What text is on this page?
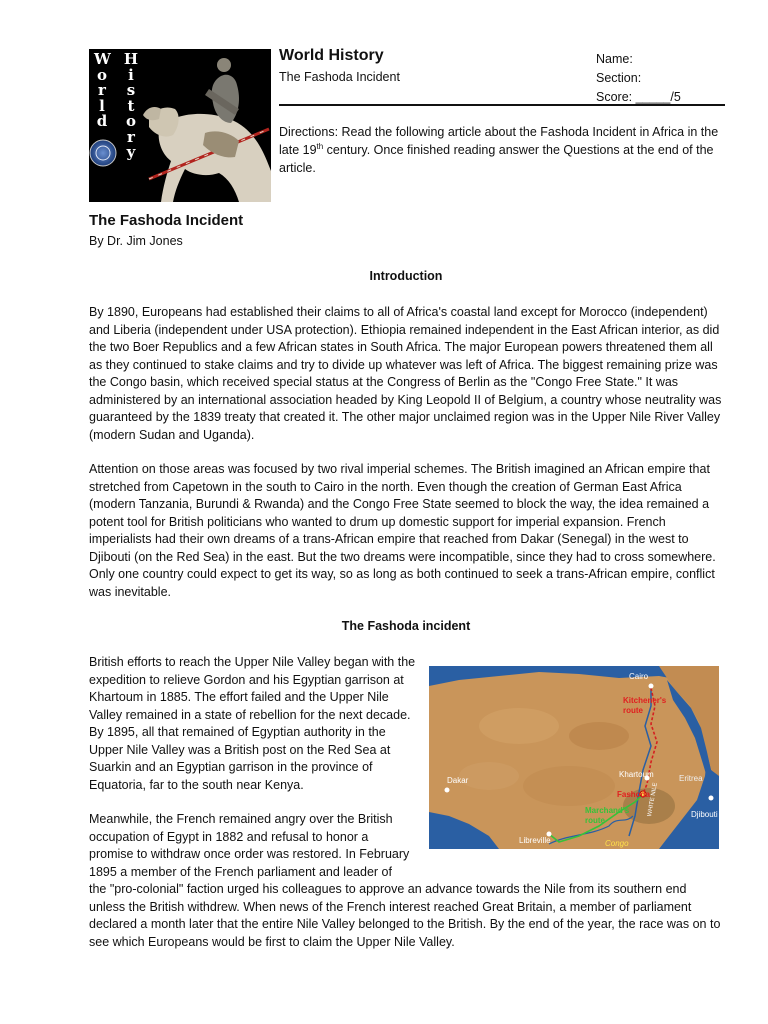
W
o
r
l
d
H
i
s
t
o
r
y
World History
The Fashoda Incident
Name:
Section:
Score: _____/5
Directions: Read the following article about the Fashoda Incident in Africa in the late 19th century. Once finished reading answer the Questions at the end of the article.
The Fashoda Incident
By Dr. Jim Jones
Introduction

By 1890, Europeans had established their claims to all of Africa's coastal land except for Morocco (independent) and Liberia (independent under USA protection). Ethiopia remained independent in the East African interior, as did the two Boer Republics and a few African states in South Africa. The major European powers threatened them all as they continued to stake claims and try to divide up whatever was left of Africa. The biggest remaining prize was the Congo basin, which received special status at the Congress of Berlin as the "Congo Free State." It was administered by an international association headed by King Leopold II of Belgium, a country whose neutrality was guaranteed by the 1839 treaty that created it. The other major unclaimed region was in the Upper Nile River Valley (modern Sudan and Uganda).

Attention on those areas was focused by two rival imperial schemes. The British imagined an African empire that stretched from Capetown in the south to Cairo in the north. Even though the creation of German East Africa (modern Tanzania, Burundi & Rwanda) and the Congo Free State seemed to block the way, the idea remained a potent tool for British politicians who wanted to drum up domestic support for imperial expansion. French imperialists had their own dreams of a trans-African empire that reached from Dakar (Senegal) in the west to Djibouti (on the Red Sea) in the east. But the two dreams were incompatible, since they had to cross somewhere. Only one country could expect to get its way, so as long as both continued to seek a trans-African empire, conflict was inevitable.

The Fashoda incident

British efforts to reach the Upper Nile Valley began with the expedition to relieve Gordon and his Egyptian garrison at Khartoum in 1885. The effort failed and the Upper Nile Valley remained in a state of rebellion for the next decade. By 1895, all that remained of Egyptian authority in the Upper Nile Valley was a British post on the Red Sea at Suarkin and an Egyptian garrison in the province of Equatoria, far to the south near Kenya.

Meanwhile, the French remained angry over the British
occupation of Egypt in 1882 and refusal to honor a
promise to withdraw once order was restored. In February
1895 a member of the French parliament and leader of

the "pro-colonial" faction urged his colleagues to approve an advance towards the Nile from its southern end unless the British withdrew. When news of the French interest reached Great Britain, a member of parliament declared a month later that the entire Nile Valley belonged to the British. By the end of the year, the race was on to see which Europeans would be first to claim the Upper Nile Valley.

Cairo
Kitchener's route
Khartoum	Eritrea
Fashoda
Djibouti
Dakar
Marchand's route
WHITE NILE
Libreville	Congo
